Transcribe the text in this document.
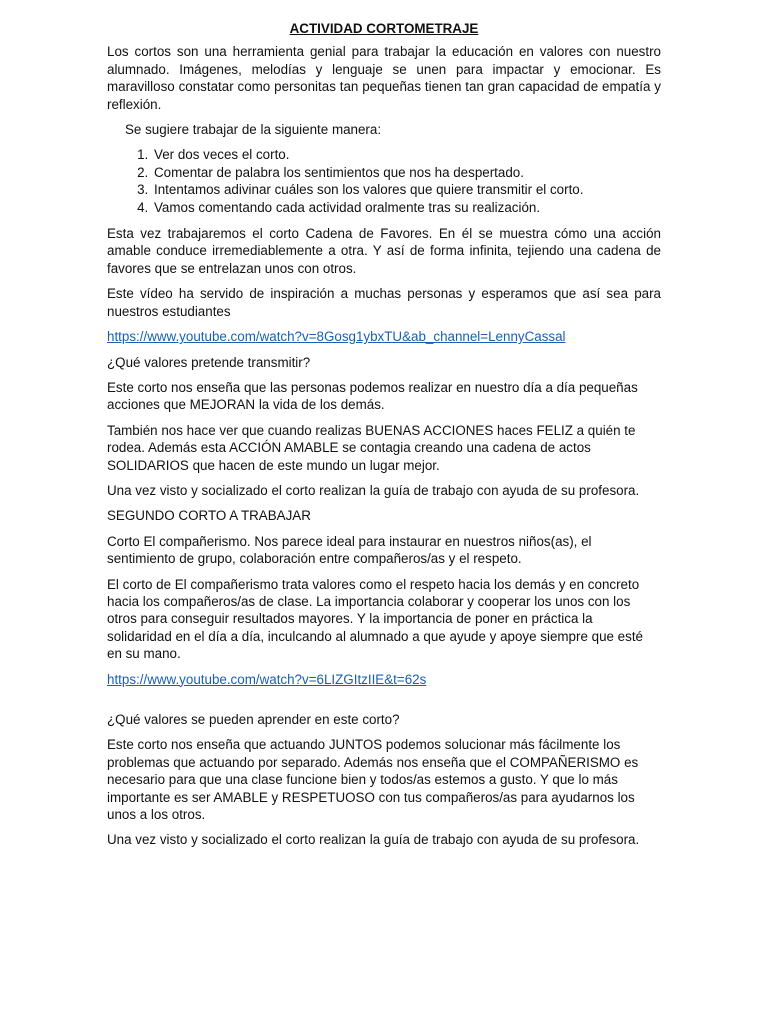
ACTIVIDAD CORTOMETRAJE

Los cortos son una herramienta genial para trabajar la educación en valores con nuestro alumnado. Imágenes, melodías y lenguaje se unen para impactar y emocionar. Es maravilloso constatar como personitas tan pequeñas tienen tan gran capacidad de empatía y reflexión.

Se sugiere trabajar de la siguiente manera:

1. Ver dos veces el corto.
2. Comentar de palabra los sentimientos que nos ha despertado.
3. Intentamos adivinar cuáles son los valores que quiere transmitir el corto.
4. Vamos comentando cada actividad oralmente tras su realización.

Esta vez trabajaremos el corto Cadena de Favores. En él se muestra cómo una acción amable conduce irremediablemente a otra. Y así de forma infinita, tejiendo una cadena de favores que se entrelazan unos con otros.

Este vídeo ha servido de inspiración a muchas personas y esperamos que así sea para nuestros estudiantes

https://www.youtube.com/watch?v=8Gosg1ybxTU&ab_channel=LennyCassal

¿Qué valores pretende transmitir?

Este corto nos enseña que las personas podemos realizar en nuestro día a día pequeñas acciones que MEJORAN la vida de los demás.

También nos hace ver que cuando realizas BUENAS ACCIONES haces FELIZ a quién te rodea. Además esta ACCIÓN AMABLE se contagia creando una cadena de actos SOLIDARIOS que hacen de este mundo un lugar mejor.

Una vez visto y socializado el corto realizan la guía de trabajo con ayuda de su profesora.

SEGUNDO CORTO A TRABAJAR

Corto El compañerismo. Nos parece ideal para instaurar en nuestros niños(as), el sentimiento de grupo, colaboración entre compañeros/as y el respeto.

El corto de El compañerismo trata valores como el respeto hacia los demás y en concreto hacia los compañeros/as de clase. La importancia colaborar y cooperar los unos con los otros para conseguir resultados mayores. Y la importancia de poner en práctica la solidaridad en el día a día, inculcando al alumnado a que ayude y apoye siempre que esté en su mano.

https://www.youtube.com/watch?v=6LIZGItzIIE&t=62s

¿Qué valores se pueden aprender en este corto?

Este corto nos enseña que actuando JUNTOS podemos solucionar más fácilmente los problemas que actuando por separado. Además nos enseña que el COMPAÑERISMO es necesario para que una clase funcione bien y todos/as estemos a gusto. Y que lo más importante es ser AMABLE y RESPETUOSO con tus compañeros/as para ayudarnos los unos a los otros.

Una vez visto y socializado el corto realizan la guía de trabajo con ayuda de su profesora.
